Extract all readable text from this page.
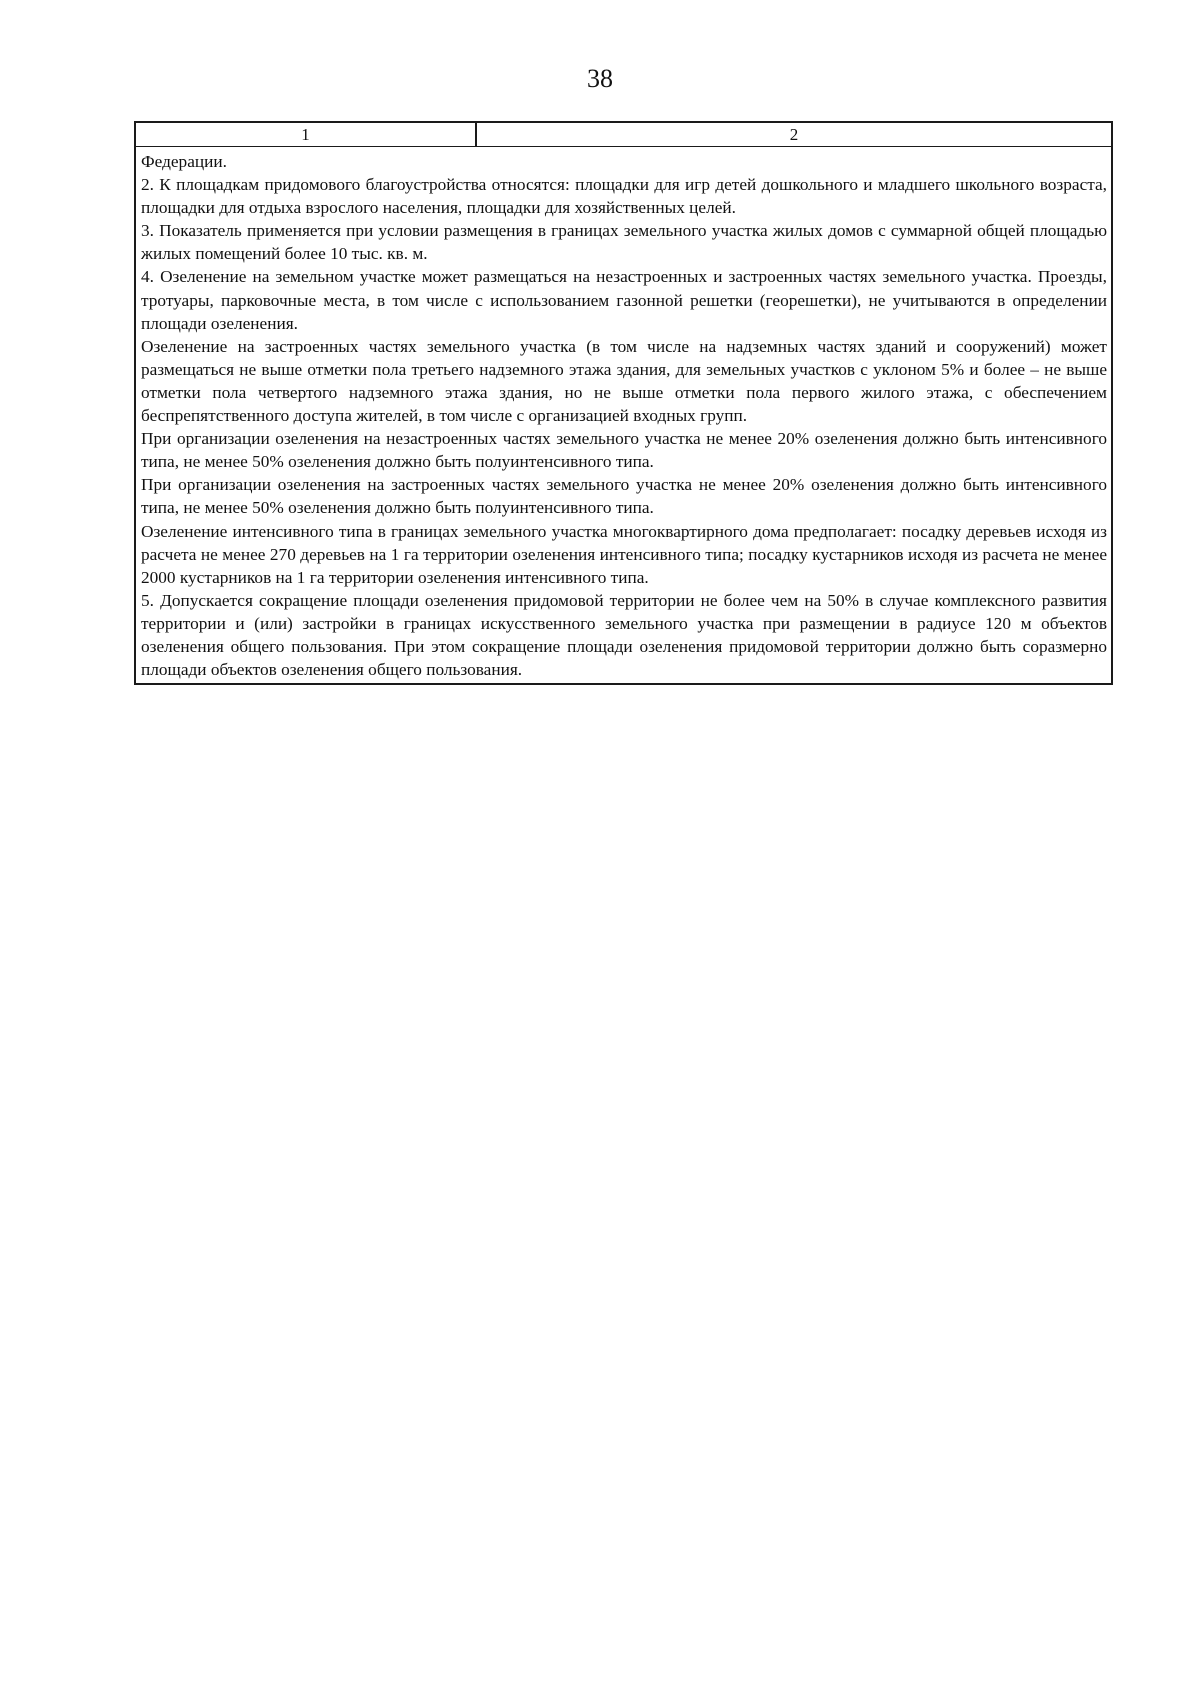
38
1	2

Федерации.

2. К площадкам придомового благоустройства относятся: площадки для игр детей дошкольного и младшего школьного возраста, площадки для отдыха взрослого населения, площадки для хозяйственных целей.

3. Показатель применяется при условии размещения в границах земельного участка жилых домов с суммарной общей площадью жилых помещений более 10 тыс. кв. м.

4. Озеленение на земельном участке может размещаться на незастроенных и застроенных частях земельного участка. Проезды, тротуары, парковочные места, в том числе с использованием газонной решетки (георешетки), не учитываются в определении площади озеленения.

Озеленение на застроенных частях земельного участка (в том числе на надземных частях зданий и сооружений) может размещаться не выше отметки пола третьего надземного этажа здания, для земельных участков с уклоном 5% и более – не выше отметки пола четвертого надземного этажа здания, но не выше отметки пола первого жилого этажа, с обеспечением беспрепятственного доступа жителей, в том числе с организацией входных групп.

При организации озеленения на незастроенных частях земельного участка не менее 20% озеленения должно быть интенсивного типа, не менее 50% озеленения должно быть полуинтенсивного типа.

При организации озеленения на застроенных частях земельного участка не менее 20% озеленения должно быть интенсивного типа, не менее 50% озеленения должно быть полуинтенсивного типа.

Озеленение интенсивного типа в границах земельного участка многоквартирного дома предполагает: посадку деревьев исходя из расчета не менее 270 деревьев на 1 га территории озеленения интенсивного типа; посадку кустарников исходя из расчета не менее 2000 кустарников на 1 га территории озеленения интенсивного типа.

5. Допускается сокращение площади озеленения придомовой территории не более чем на 50% в случае комплексного развития территории и (или) застройки в границах искусственного земельного участка при размещении в радиусе 120 м объектов озеленения общего пользования. При этом сокращение площади озеленения придомовой территории должно быть соразмерно площади объектов озеленения общего пользования.
